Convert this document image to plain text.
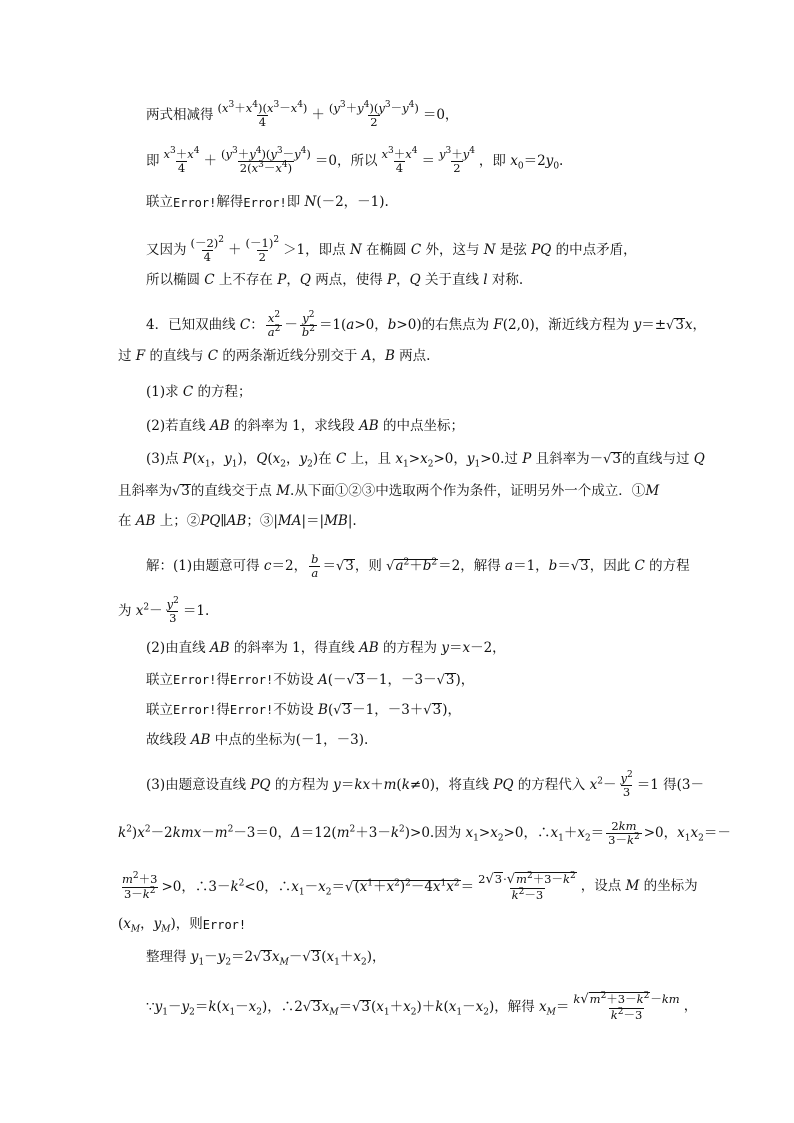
两式相减得 $\frac{(x^3+x^4)(x^3-x^4)}{4} + \frac{(y^3+y^4)(y^3-y^4)}{2} =0$，
即 $\frac{x^3+x^4}{4} + \frac{(y^3+y^4)(y^3-y^4)}{2(x^3-x^4)} =0$，所以 $\frac{x^3+x^4}{4} = \frac{y^3+y^4}{2}$ ，即 $x_0=2y_0$.
联立 Error! 解得 Error! 即 N(－2，－1).
又因为 $\frac{(-2)^2}{4} + \frac{(-1)^2}{2} >1$，即点 N 在椭圆 C 外，这与 N 是弦 PQ 的中点矛盾，
所以椭圆 C 上不存在 P，Q 两点，使得 P，Q 关于直线 l 对称.
4．已知双曲线 C： $\frac{x^2}{a^2} - \frac{y^2}{b^2} =1(a>0$，b>0)的右焦点为 F(2,0)，渐近线方程为 y＝±√3x，
过 F 的直线与 C 的两条渐近线分别交于 A，B 两点.
(1)求 C 的方程；
(2)若直线 AB 的斜率为 1，求线段 AB 的中点坐标；
(3)点 $P(x_1$，$y_1$)，$Q(x_2$，$y_2$)在 C 上，且 $x_1>x_2>0$，$y_1>0$.过 P 且斜率为－√3的直线与过 Q
且斜率为√3的直线交于点 M.从下面①②③中选取两个作为条件，证明另外一个成立．①M
在 AB 上；②PQ∥AB；③|MA|＝|MB|.
解：(1)由题意可得 c＝2， $\frac{b}{a} =√3$，则 $√a^2+b^2=2$，解得 a＝1，b＝√3，因此 C 的方程
为 $x^2- \frac{y^2}{3} =1$.
(2)由直线 AB 的斜率为 1，得直线 AB 的方程为 y＝x－2，
联立 Error! 得 Error! 不妨设 A(－√3－1，－3－√3)，
联立 Error! 得 Error! 不妨设 B(√3－1，－3＋√3)，
故线段 AB 中点的坐标为(－1，－3).
(3)由题意设直线 PQ 的方程为 y＝kx＋m(k≠0)，将直线 PQ 的方程代入 $x^2- \frac{y^2}{3} =1$ 得(3－
$k^2)x^2-2kmx-m^2-3=0$，$\Delta=12(m^2+3-k^2)>0$.因为 $x_1>x_2>0$，$\therefore x_1+x_2= \frac{2km}{3-k^2} >0$，$x_1x_2=-$
$\frac{m^2+3}{3-k^2} >0$，$\therefore 3-k^2<0$，$\therefore x_1-x_2=√(x^1+x^2)^2-4x^1x^2= \frac{2√3\cdot√m^2+3-k^2}{k^2-3}$ ，设点 M 的坐标为
($x_M$，$y_M$)，则 Error!
整理得 $y_1-y_2=2√3x_M-√3(x_1+x_2)$，
$\because y_1-y_2=k(x_1-x_2)$，$\therefore 2√3x_M=√3(x_1+x_2)+k(x_1-x_2)$，解得 $x_M= \frac{k√m^2+3-k^2-km}{k^2-3}$ ，
